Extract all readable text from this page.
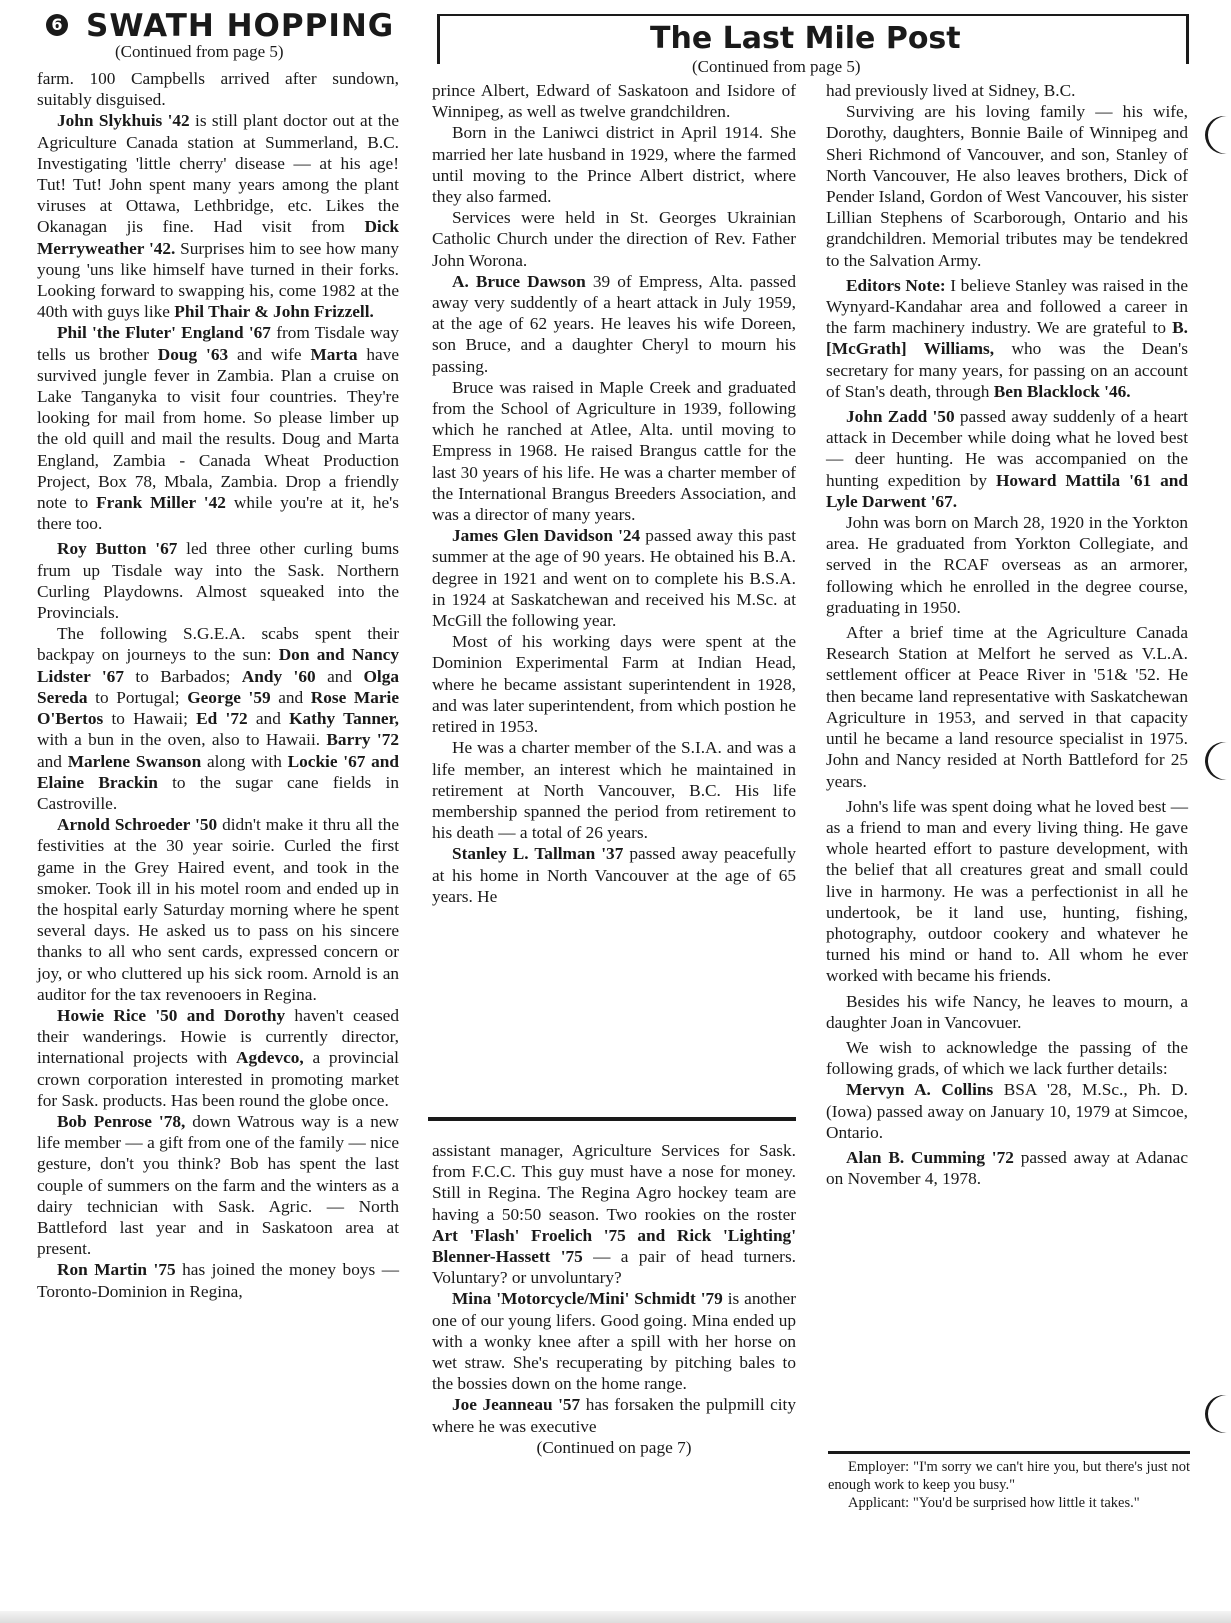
6 SWATH HOPPING
(Continued from page 5)

farm. 100 Campbells arrived after sundown, suitably disguised.

John Slykhuis '42 is still plant doctor out at the Agriculture Canada station at Summerland, B.C. Investigating 'little cherry' disease — at his age! Tut! Tut! John spent many years among the plant viruses at Ottawa, Lethbridge, etc. Likes the Okanagan jis fine. Had visit from Dick Merryweather '42. Surprises him to see how many young 'uns like himself have turned in their forks. Looking forward to swapping his, come 1982 at the 40th with guys like Phil Thair & John Frizzell.

Phil 'the Fluter' England '67 from Tisdale way tells us brother Doug '63 and wife Marta have survived jungle fever in Zambia. Plan a cruise on Lake Tanganyka to visit four countries. They're looking for mail from home. So please limber up the old quill and mail the results. Doug and Marta England, Zambia - Canada Wheat Production Project, Box 78, Mbala, Zambia. Drop a friendly note to Frank Miller '42 while you're at it, he's there too.

Roy Button '67 led three other curling bums frum up Tisdale way into the Sask. Northern Curling Playdowns. Almost squeaked into the Provincials.

The following S.G.E.A. scabs spent their backpay on journeys to the sun: Don and Nancy Lidster '67 to Barbados; Andy '60 and Olga Sereda to Portugal; George '59 and Rose Marie O'Bertos to Hawaii; Ed '72 and Kathy Tanner, with a bun in the oven, also to Hawaii. Barry '72 and Marlene Swanson along with Lockie '67 and Elaine Brackin to the sugar cane fields in Castroville.

Arnold Schroeder '50 didn't make it thru all the festivities at the 30 year soirie. Curled the first game in the Grey Haired event, and took in the smoker. Took ill in his motel room and ended up in the hospital early Saturday morning where he spent several days. He asked us to pass on his sincere thanks to all who sent cards, expressed concern or joy, or who cluttered up his sick room. Arnold is an auditor for the tax revenooers in Regina.

Howie Rice '50 and Dorothy haven't ceased their wanderings. Howie is currently director, international projects with Agdevco, a provincial crown corporation interested in promoting market for Sask. products. Has been round the globe once.

Bob Penrose '78, down Watrous way is a new life member — a gift from one of the family — nice gesture, don't you think? Bob has spent the last couple of summers on the farm and the winters as a dairy technician with Sask. Agric. — North Battleford last year and in Saskatoon area at present.

Ron Martin '75 has joined the money boys — Toronto-Dominion in Regina,

The Last Mile Post
(Continued from page 5)

prince Albert, Edward of Saskatoon and Isidore of Winnipeg, as well as twelve grandchildren.

Born in the Laniwci district in April 1914. She married her late husband in 1929, where the farmed until moving to the Prince Albert district, where they also farmed.

Services were held in St. Georges Ukrainian Catholic Church under the direction of Rev. Father John Worona.

A. Bruce Dawson 39 of Empress, Alta. passed away very suddently of a heart attack in July 1959, at the age of 62 years. He leaves his wife Doreen, son Bruce, and a daughter Cheryl to mourn his passing.

Bruce was raised in Maple Creek and graduated from the School of Agriculture in 1939, following which he ranched at Atlee, Alta. until moving to Empress in 1968. He raised Brangus cattle for the last 30 years of his life. He was a charter member of the International Brangus Breeders Association, and was a director of many years.

James Glen Davidson '24 passed away this past summer at the age of 90 years. He obtained his B.A. degree in 1921 and went on to complete his B.S.A. in 1924 at Saskatchewan and received his M.Sc. at McGill the following year.

Most of his working days were spent at the Dominion Experimental Farm at Indian Head, where he became assistant superintendent in 1928, and was later superintendent, from which postion he retired in 1953.

He was a charter member of the S.I.A. and was a life member, an interest which he maintained in retirement at North Vancouver, B.C. His life membership spanned the period from retirement to his death — a total of 26 years.

Stanley L. Tallman '37 passed away peacefully at his home in North Vancouver at the age of 65 years. He

assistant manager, Agriculture Services for Sask. from F.C.C. This guy must have a nose for money. Still in Regina. The Regina Agro hockey team are having a 50:50 season. Two rookies on the roster Art 'Flash' Froelich '75 and Rick 'Lighting' Blenner-Hassett '75 — a pair of head turners. Voluntary? or unvoluntary?

Mina 'Motorcycle/Mini' Schmidt '79 is another one of our young lifers. Good going. Mina ended up with a wonky knee after a spill with her horse on wet straw. She's recuperating by pitching bales to the bossies down on the home range.

Joe Jeanneau '57 has forsaken the pulpmill city where he was executive

(Continued on page 7)

had previously lived at Sidney, B.C.

Surviving are his loving family — his wife, Dorothy, daughters, Bonnie Baile of Winnipeg and Sheri Richmond of Vancouver, and son, Stanley of North Vancouver, He also leaves brothers, Dick of Pender Island, Gordon of West Vancouver, his sister Lillian Stephens of Scarborough, Ontario and his grandchildren. Memorial tributes may be tendekred to the Salvation Army.

Editors Note: I believe Stanley was raised in the Wynyard-Kandahar area and followed a career in the farm machinery industry. We are grateful to B. [McGrath] Williams, who was the Dean's secretary for many years, for passing on an account of Stan's death, through Ben Blacklock '46.

John Zadd '50 passed away suddenly of a heart attack in December while doing what he loved best — deer hunting. He was accompanied on the hunting expedition by Howard Mattila '61 and Lyle Darwent '67.

John was born on March 28, 1920 in the Yorkton area. He graduated from Yorkton Collegiate, and served in the RCAF overseas as an armorer, following which he enrolled in the degree course, graduating in 1950.

After a brief time at the Agriculture Canada Research Station at Melfort he served as V.L.A. settlement officer at Peace River in '51& '52. He then became land representative with Saskatchewan Agriculture in 1953, and served in that capacity until he became a land resource specialist in 1975. John and Nancy resided at North Battleford for 25 years.

John's life was spent doing what he loved best — as a friend to man and every living thing. He gave whole hearted effort to pasture development, with the belief that all creatures great and small could live in harmony. He was a perfectionist in all he undertook, be it land use, hunting, fishing, photography, outdoor cookery and whatever he turned his mind or hand to. All whom he ever worked with became his friends.

Besides his wife Nancy, he leaves to mourn, a daughter Joan in Vancovuer.

We wish to acknowledge the passing of the following grads, of which we lack further details:

Mervyn A. Collins BSA '28, M.Sc., Ph. D. (Iowa) passed away on January 10, 1979 at Simcoe, Ontario.

Alan B. Cumming '72 passed away at Adanac on November 4, 1978.

Employer: "I'm sorry we can't hire you, but there's just not enough work to keep you busy."

Applicant: "You'd be surprised how little it takes."
